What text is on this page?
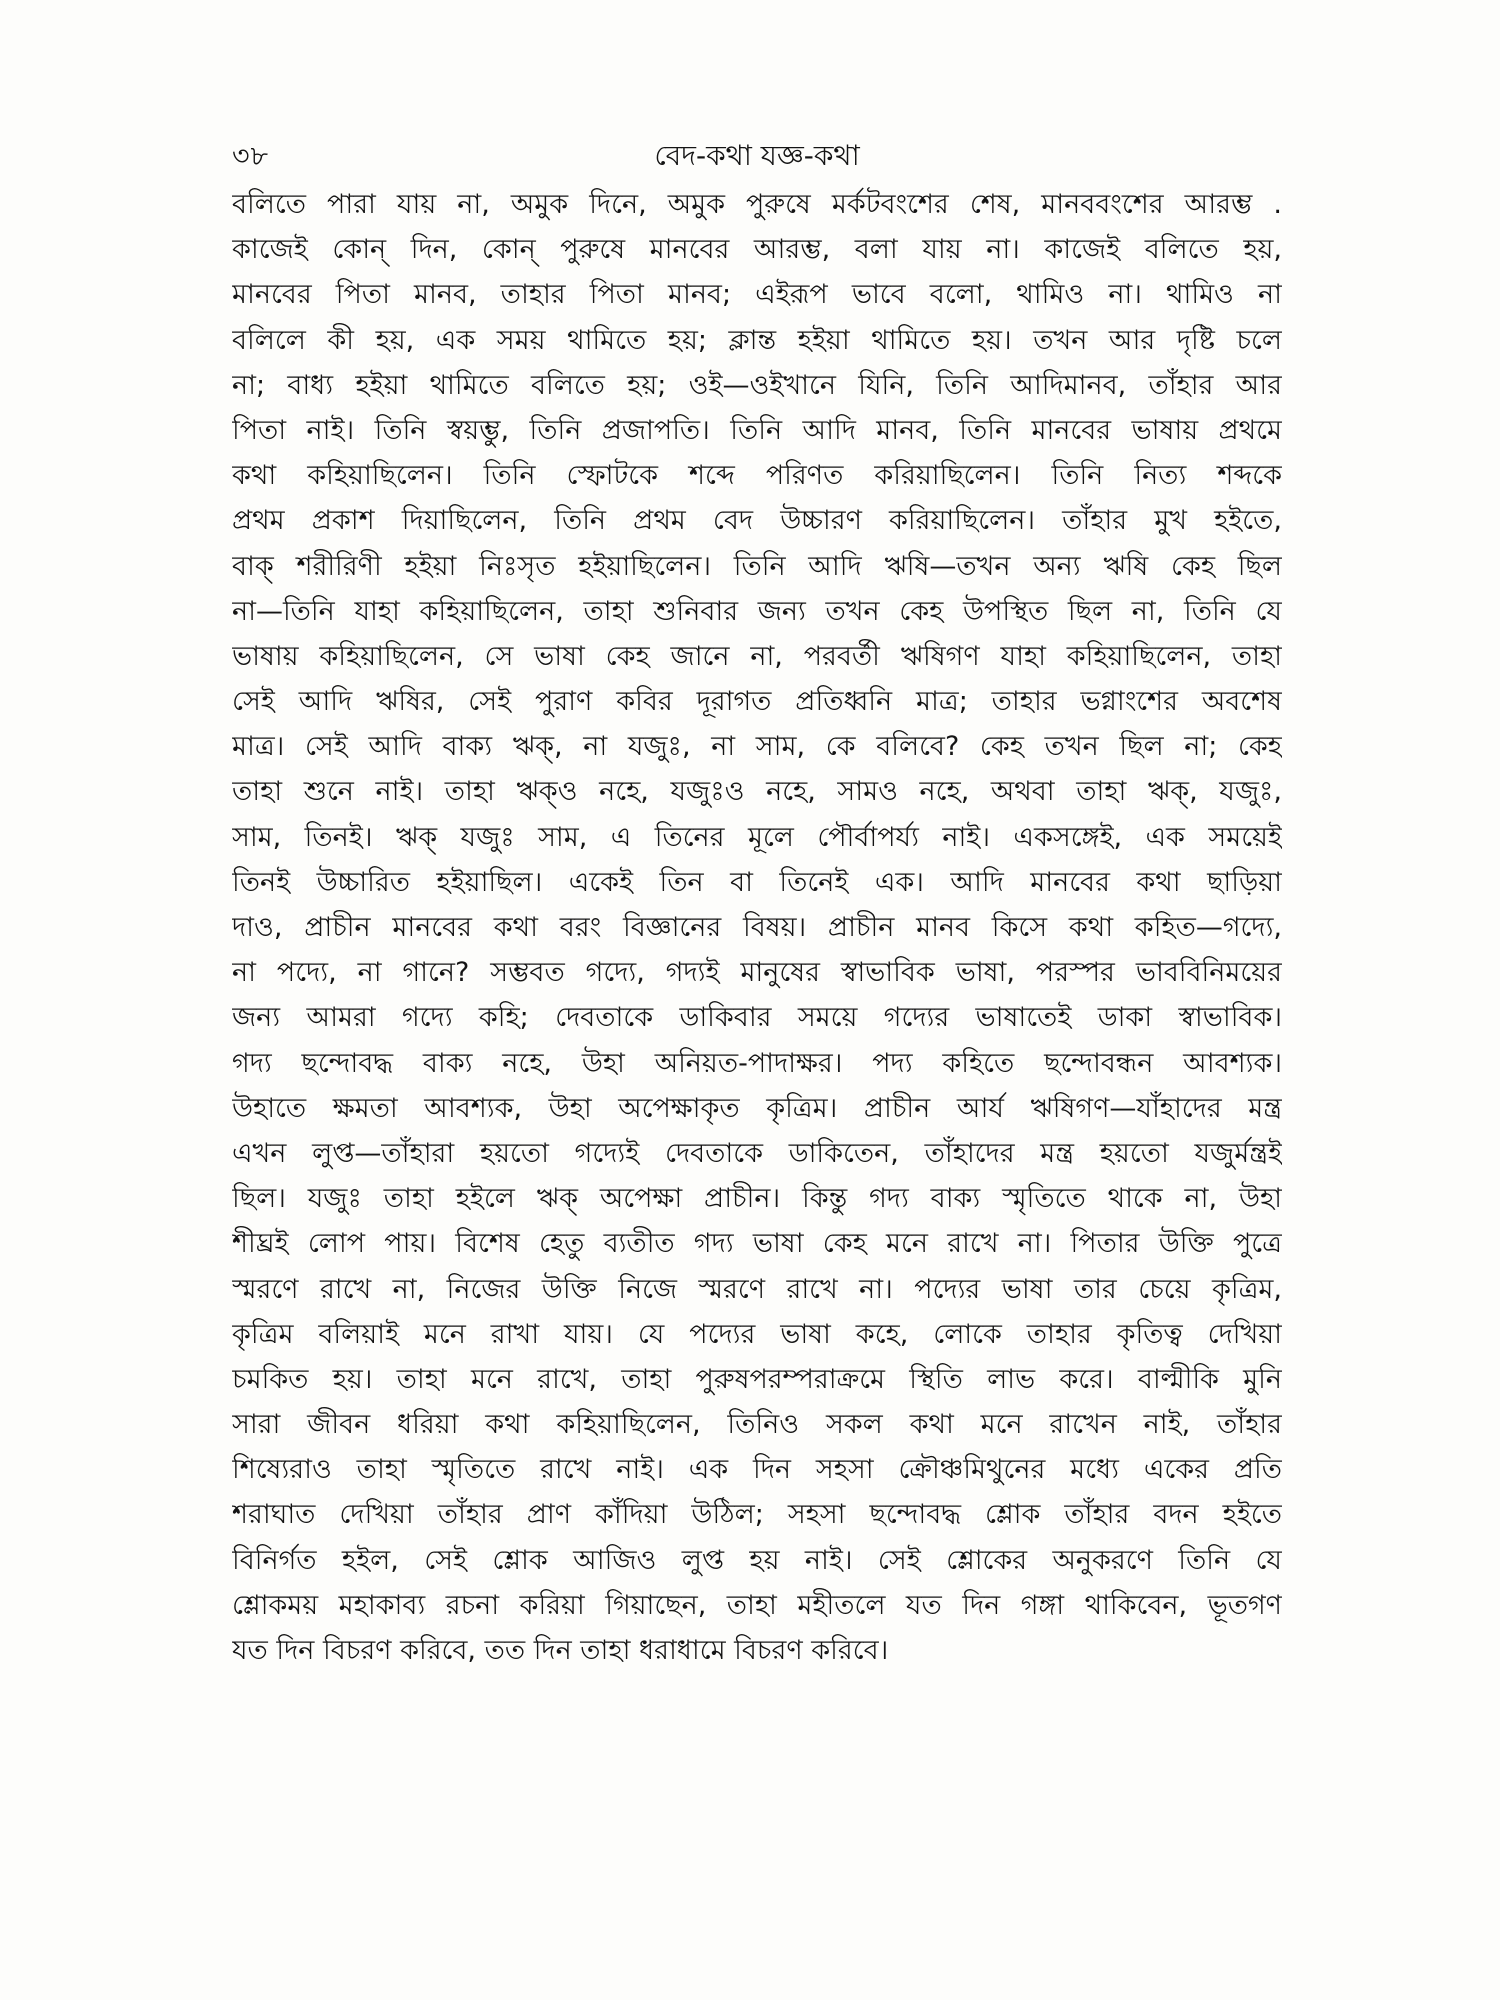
৩৮	বেদ-কথা যজ্ঞ-কথা
বলিতে পারা যায় না, অমুক দিনে, অমুক পুরুষে মর্কটবংশের শেষ, মানববংশের আরম্ভ .
কাজেই কোন্ দিন, কোন্ পুরুষে মানবের আরম্ভ, বলা যায় না। কাজেই বলিতে হয়,
মানবের পিতা মানব, তাহার পিতা মানব; এইরূপ ভাবে বলো, থামিও না। থামিও না
বলিলে কী হয়, এক সময় থামিতে হয়; ক্লান্ত হইয়া থামিতে হয়। তখন আর দৃষ্টি চলে
না; বাধ্য হইয়া থামিতে বলিতে হয়; ওই—ওইখানে যিনি, তিনি আদিমানব, তাঁহার আর
পিতা নাই। তিনি স্বয়ম্ভু, তিনি প্রজাপতি। তিনি আদি মানব, তিনি মানবের ভাষায় প্রথমে
কথা কহিয়াছিলেন। তিনি স্ফোটকে শব্দে পরিণত করিয়াছিলেন। তিনি নিত্য শব্দকে
প্রথম প্রকাশ দিয়াছিলেন, তিনি প্রথম বেদ উচ্চারণ করিয়াছিলেন। তাঁহার মুখ হইতে,
বাক্ শরীরিণী হইয়া নিঃসৃত হইয়াছিলেন। তিনি আদি ঋষি—তখন অন্য ঋষি কেহ ছিল
না—তিনি যাহা কহিয়াছিলেন, তাহা শুনিবার জন্য তখন কেহ উপস্থিত ছিল না, তিনি যে
ভাষায় কহিয়াছিলেন, সে ভাষা কেহ জানে না, পরবর্তী ঋষিগণ যাহা কহিয়াছিলেন, তাহা
সেই আদি ঋষির, সেই পুরাণ কবির দূরাগত প্রতিধ্বনি মাত্র; তাহার ভগ্নাংশের অবশেষ
মাত্র। সেই আদি বাক্য ঋক্, না যজুঃ, না সাম, কে বলিবে? কেহ তখন ছিল না; কেহ
তাহা শুনে নাই। তাহা ঋক্ও নহে, যজুঃও নহে, সামও নহে, অথবা তাহা ঋক্, যজুঃ,
সাম, তিনই। ঋক্ যজুঃ সাম, এ তিনের মূলে পৌর্বাপর্য্য নাই। একসঙ্গেই, এক সময়েই
তিনই উচ্চারিত হইয়াছিল। একেই তিন বা তিনেই এক। আদি মানবের কথা ছাড়িয়া
দাও, প্রাচীন মানবের কথা বরং বিজ্ঞানের বিষয়। প্রাচীন মানব কিসে কথা কহিত—গদ্যে,
না পদ্যে, না গানে? সম্ভবত গদ্যে, গদ্যই মানুষের স্বাভাবিক ভাষা, পরস্পর ভাববিনিময়ের
জন্য আমরা গদ্যে কহি; দেবতাকে ডাকিবার সময়ে গদ্যের ভাষাতেই ডাকা স্বাভাবিক।
গদ্য ছন্দোবদ্ধ বাক্য নহে, উহা অনিয়ত-পাদাক্ষর। পদ্য কহিতে ছন্দোবন্ধন আবশ্যক।
উহাতে ক্ষমতা আবশ্যক, উহা অপেক্ষাকৃত কৃত্রিম। প্রাচীন আর্য ঋষিগণ—যাঁহাদের মন্ত্র
এখন লুপ্ত—তাঁহারা হয়তো গদ্যেই দেবতাকে ডাকিতেন, তাঁহাদের মন্ত্র হয়তো যজুর্মন্ত্রই
ছিল। যজুঃ তাহা হইলে ঋক্ অপেক্ষা প্রাচীন। কিন্তু গদ্য বাক্য স্মৃতিতে থাকে না, উহা
শীঘ্রই লোপ পায়। বিশেষ হেতু ব্যতীত গদ্য ভাষা কেহ মনে রাখে না। পিতার উক্তি পুত্রে
স্মরণে রাখে না, নিজের উক্তি নিজে স্মরণে রাখে না। পদ্যের ভাষা তার চেয়ে কৃত্রিম,
কৃত্রিম বলিয়াই মনে রাখা যায়। যে পদ্যের ভাষা কহে, লোকে তাহার কৃতিত্ব দেখিয়া
চমকিত হয়। তাহা মনে রাখে, তাহা পুরুষপরম্পরাক্রমে স্থিতি লাভ করে। বাল্মীকি মুনি
সারা জীবন ধরিয়া কথা কহিয়াছিলেন, তিনিও সকল কথা মনে রাখেন নাই, তাঁহার
শিষ্যেরাও তাহা স্মৃতিতে রাখে নাই। এক দিন সহসা ক্রৌঞ্চমিথুনের মধ্যে একের প্রতি
শরাঘাত দেখিয়া তাঁহার প্রাণ কাঁদিয়া উঠিল; সহসা ছন্দোবদ্ধ শ্লোক তাঁহার বদন হইতে
বিনির্গত হইল, সেই শ্লোক আজিও লুপ্ত হয় নাই। সেই শ্লোকের অনুকরণে তিনি যে
শ্লোকময় মহাকাব্য রচনা করিয়া গিয়াছেন, তাহা মহীতলে যত দিন গঙ্গা থাকিবেন, ভূতগণ
যত দিন বিচরণ করিবে, তত দিন তাহা ধরাধামে বিচরণ করিবে।
